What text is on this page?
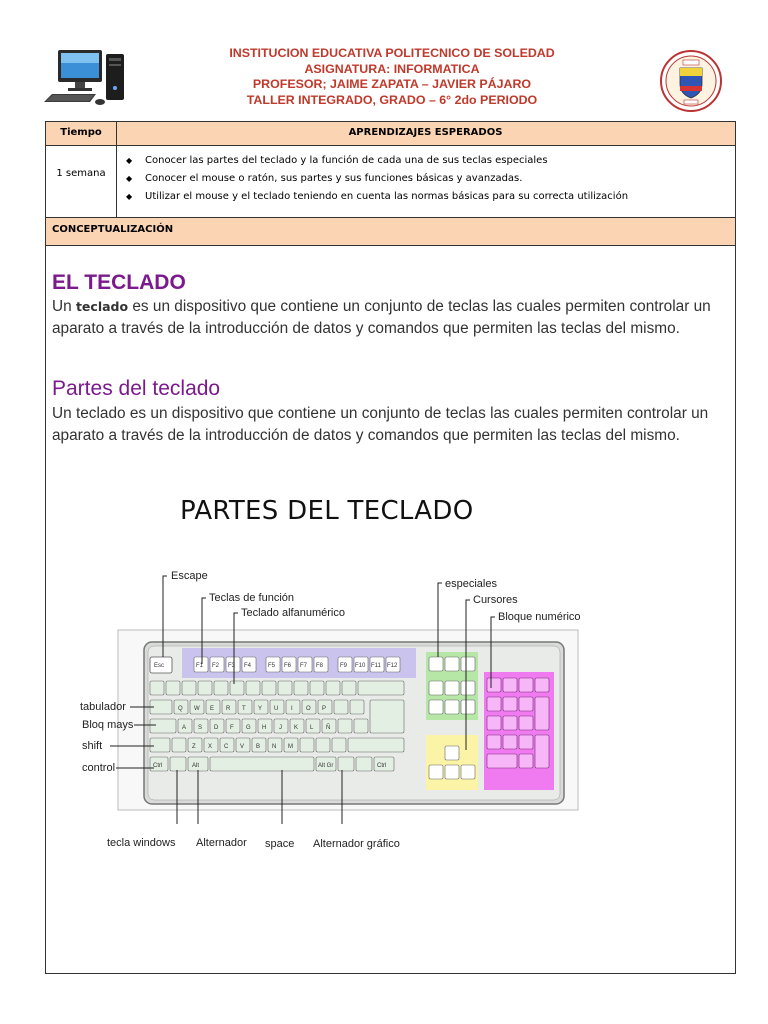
INSTITUCION EDUCATIVA POLITECNICO DE SOLEDAD
ASIGNATURA: INFORMATICA
PROFESOR; JAIME ZAPATA – JAVIER PÁJARO
TALLER INTEGRADO, GRADO – 6° 2do PERIODO
Tiempo	APRENDIZAJES ESPERADOS
1 semana
◆ Conocer las partes del teclado y la función de cada una de sus teclas especiales
◆ Conocer el mouse o ratón, sus partes y sus funciones básicas y avanzadas.
◆ Utilizar el mouse y el teclado teniendo en cuenta las normas básicas para su correcta utilización
CONCEPTUALIZACIÓN
EL TECLADO
Un teclado es un dispositivo que contiene un conjunto de teclas las cuales permiten controlar un aparato a través de la introducción de datos y comandos que permiten las teclas del mismo.
Partes del teclado
Un teclado es un dispositivo que contiene un conjunto de teclas las cuales permiten controlar un aparato a través de la introducción de datos y comandos que permiten las teclas del mismo.
PARTES DEL TECLADO
Esc	F1 F2 F3 F4	F5 F6 F7 F8	F9 F10 F11 F12
Q W E R T Y U I O P
A S D F G H J K L Ñ
Z X C V B N M
Ctrl	Alt	Alt Gr	Ctrl
Escape
Teclas de función
Teclado alfanumérico
especiales
Cursores
Bloque numérico
tabulador
Bloq mays
shift
control
tecla windows Alternador space Alternador gráfico
